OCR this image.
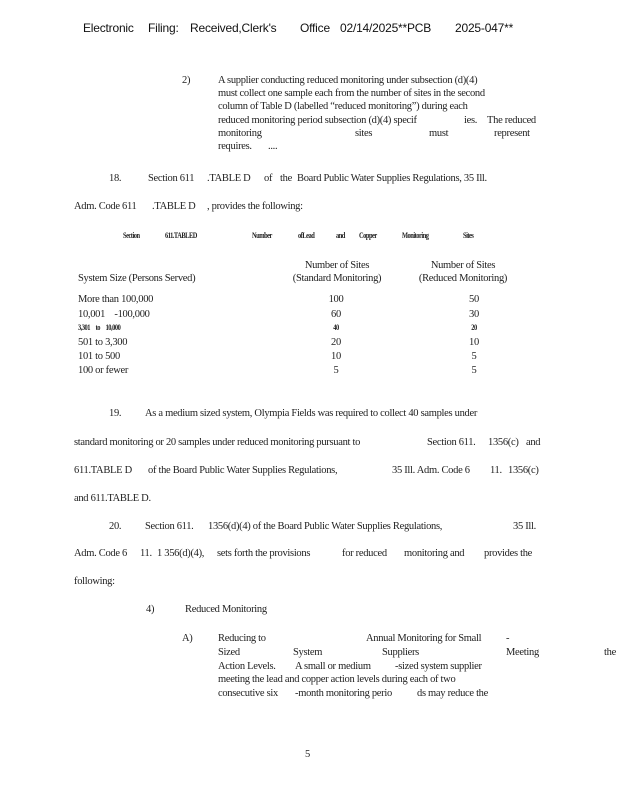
Electronic Filing: Received,Clerk's Office 02/14/2025**PCB 2025-047**
2)	A supplier conducting reduced monitoring under subsection (d)(4)
must collect one sample each from the number of sites in the second
column of Table D (labelled “reduced monitoring”) during each
reduced monitoring period subsection (d)(4) specif	ies. The reduced
monitoring	sites	must	represent
requires. ....
18.	Section 611 .TABLE D of the Board Public Water Supplies Regulations, 35 Ill.
Adm. Code 611 .TABLE D , provides the following:
Section	611.TABLED	Number	ofLead	and Copper	Monitoring	Sites
System Size (Persons Served)
Number of Sites
(Standard Monitoring)
Number of Sites
(Reduced Monitoring)
More than 100,000	100	50
10,001    -100,000	60	30
3,301     to     10,000	40	20
501 to 3,300	20	10
101 to 500	10	5
100 or fewer	5	5
19. As a medium sized system, Olympia Fields was required to collect 40 samples under
standard monitoring or 20 samples under reduced monitoring pursuant to	Section 611. 1356(c) and
611.TABLE D of the Board Public Water Supplies Regulations,	35 Ill. Adm. Code 6 11. 1356(c)
and 611.TABLE D.
20. Section 611. 1356(d)(4) of the Board Public Water Supplies Regulations,	35 Ill.
Adm. Code 6 11. 1 356(d)(4), sets forth the provisions	for reduced monitoring and provides the
following:
4)	Reduced Monitoring
A) Reducing to	Annual Monitoring for Small -
Sized	System	Suppliers	Meeting	the
Action Levels. A small or medium -sized system supplier
meeting the lead and copper action levels during each of two
consecutive six -month monitoring perio ds may reduce the
5
